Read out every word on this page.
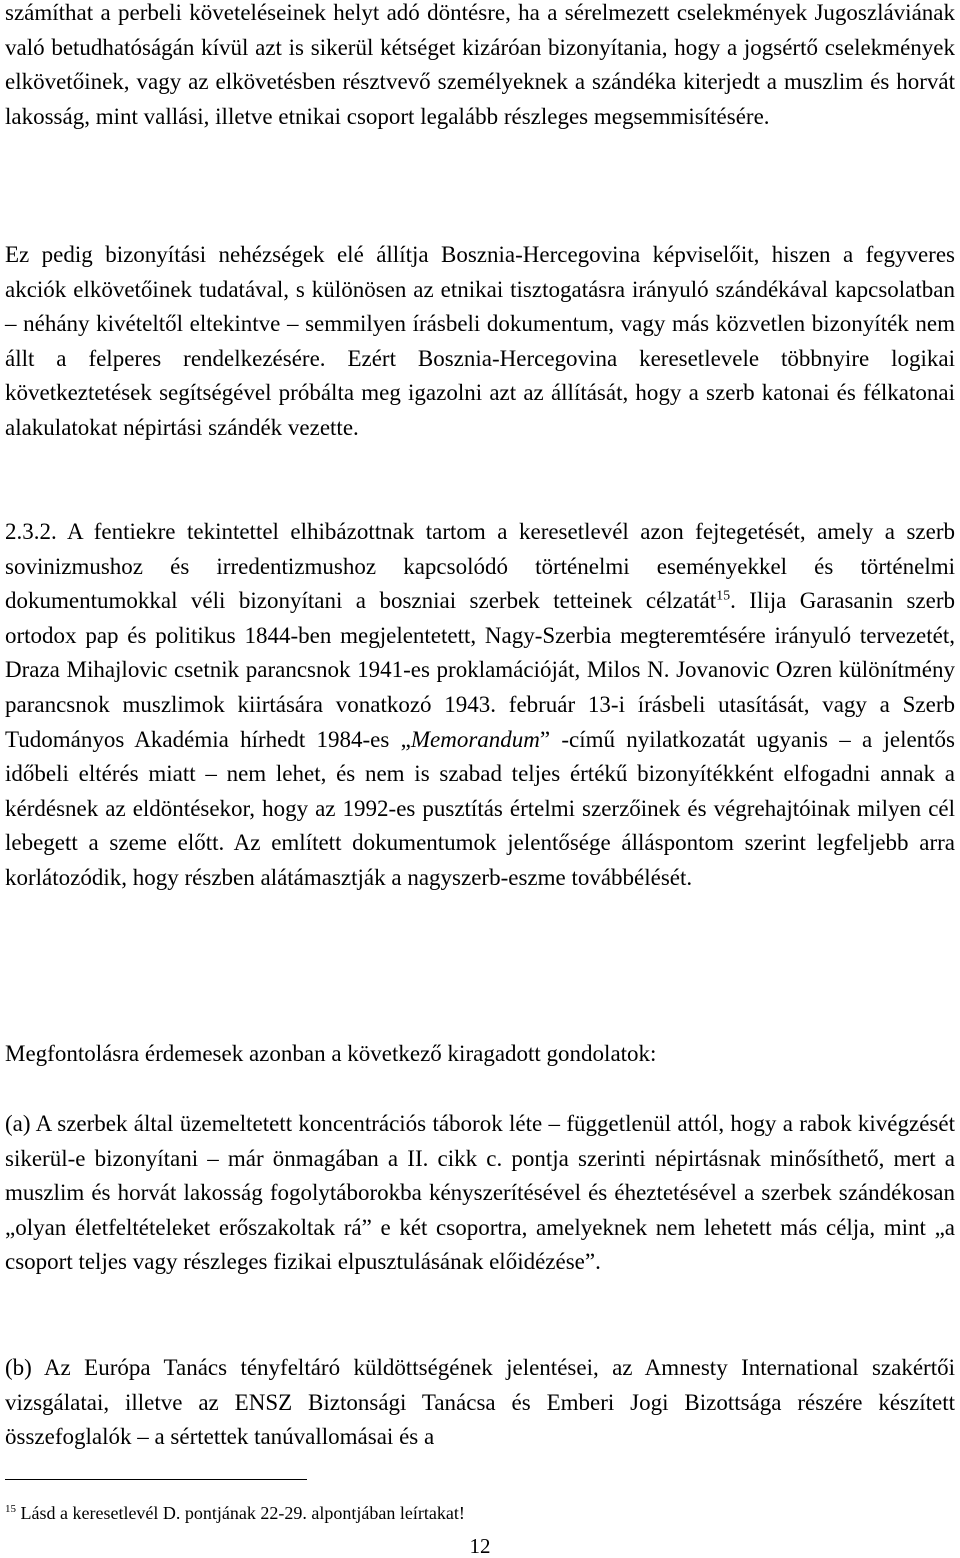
számíthat a perbeli követeléseinek helyt adó döntésre, ha a sérelmezett cselekmények Jugoszláviának való betudhatóságán kívül azt is sikerül kétséget kizáróan bizonyítania, hogy a jogsértő cselekmények elkövetőinek, vagy az elkövetésben résztvevő személyeknek a szándéka kiterjedt a muszlim és horvát lakosság, mint vallási, illetve etnikai csoport legalább részleges megsemmisítésére.

Ez pedig bizonyítási nehézségek elé állítja Bosznia-Hercegovina képviselőit, hiszen a fegyveres akciók elkövetőinek tudatával, s különösen az etnikai tisztogatásra irányuló szándékával kapcsolatban – néhány kivételtől eltekintve – semmilyen írásbeli dokumentum, vagy más közvetlen bizonyíték nem állt a felperes rendelkezésére. Ezért Bosznia-Hercegovina keresetlevele többnyire logikai következtetések segítségével próbálta meg igazolni azt az állítását, hogy a szerb katonai és félkatonai alakulatokat népirtási szándék vezette.

2.3.2. A fentiekre tekintettel elhibázottnak tartom a keresetlevél azon fejtegetését, amely a szerb sovinizmushoz és irredentizmushoz kapcsolódó történelmi eseményekkel és történelmi dokumentumokkal véli bizonyítani a boszniai szerbek tetteinek célzatát$^{15}$. Ilija Garasanin szerb ortodox pap és politikus 1844-ben megjelentetett, Nagy-Szerbia megteremtésére irányuló tervezetét, Draza Mihajlovic csetnik parancsnok 1941-es proklamációját, Milos N. Jovanovic Ozren különítmény parancsnok muszlimok kiirtására vonatkozó 1943. február 13-i írásbeli utasítását, vagy a Szerb Tudományos Akadémia hírhedt 1984-es „Memorandum” -című nyilatkozatát ugyanis – a jelentős időbeli eltérés miatt – nem lehet, és nem is szabad teljes értékű bizonyítékként elfogadni annak a kérdésnek az eldöntésekor, hogy az 1992-es pusztítás értelmi szerzőinek és végrehajtóinak milyen cél lebegett a szeme előtt. Az említett dokumentumok jelentősége álláspontom szerint legfeljebb arra korlátozódik, hogy részben alátámasztják a nagyszerb-eszme továbbélését.

Megfontolásra érdemesek azonban a következő kiragadott gondolatok:

(a) A szerbek által üzemeltetett koncentrációs táborok léte – függetlenül attól, hogy a rabok kivégzését sikerül-e bizonyítani – már önmagában a II. cikk c. pontja szerinti népirtásnak minősíthető, mert a muszlim és horvát lakosság fogolytáborokba kényszerítésével és éheztetésével a szerbek szándékosan „olyan életfeltételeket erőszakoltak rá” e két csoportra, amelyeknek nem lehetett más célja, mint „a csoport teljes vagy részleges fizikai elpusztulásának előidézése”.

(b) Az Európa Tanács tényfeltáró küldöttségének jelentései, az Amnesty International szakértői vizsgálatai, illetve az ENSZ Biztonsági Tanácsa és Emberi Jogi Bizottsága részére készített összefoglalók – a sértettek tanúvallomásai és a

$^{15}$ Lásd a keresetlevél D. pontjának 22-29. alpontjában leírtakat!
12
